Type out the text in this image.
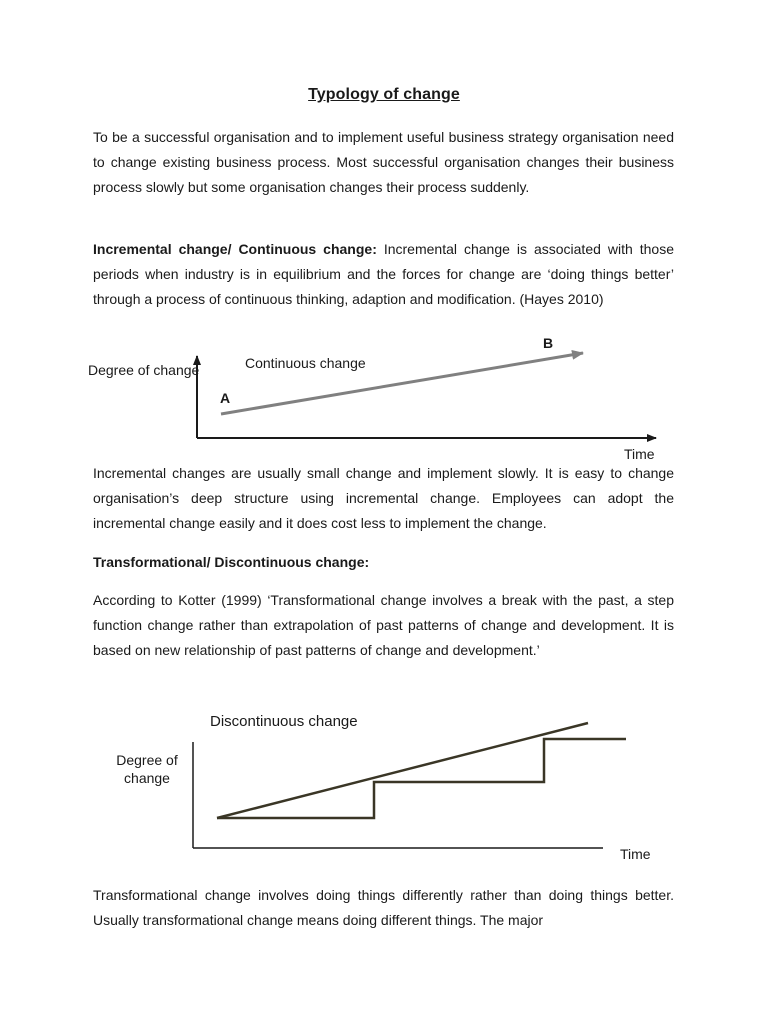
Typology of change
To be a successful organisation and to implement useful business strategy organisation need to change existing business process. Most successful organisation changes their business process slowly but some organisation changes their process suddenly.
Incremental change/ Continuous change: Incremental change is associated with those periods when industry is in equilibrium and the forces for change are ‘doing things better’ through a process of continuous thinking, adaption and modification. (Hayes 2010)
Degree of change	Continuous change
A
B
Time
Incremental changes are usually small change and implement slowly. It is easy to change organisation’s deep structure using incremental change. Employees can adopt the incremental change easily and it does cost less to implement the change.
Transformational/ Discontinuous change:
According to Kotter (1999) ‘Transformational change involves a break with the past, a step function change rather than extrapolation of past patterns of change and development. It is based on new relationship of past patterns of change and development.’
Discontinuous change
Degree of
change
Time
Transformational change involves doing things differently rather than doing things better. Usually transformational change means doing different things. The major
